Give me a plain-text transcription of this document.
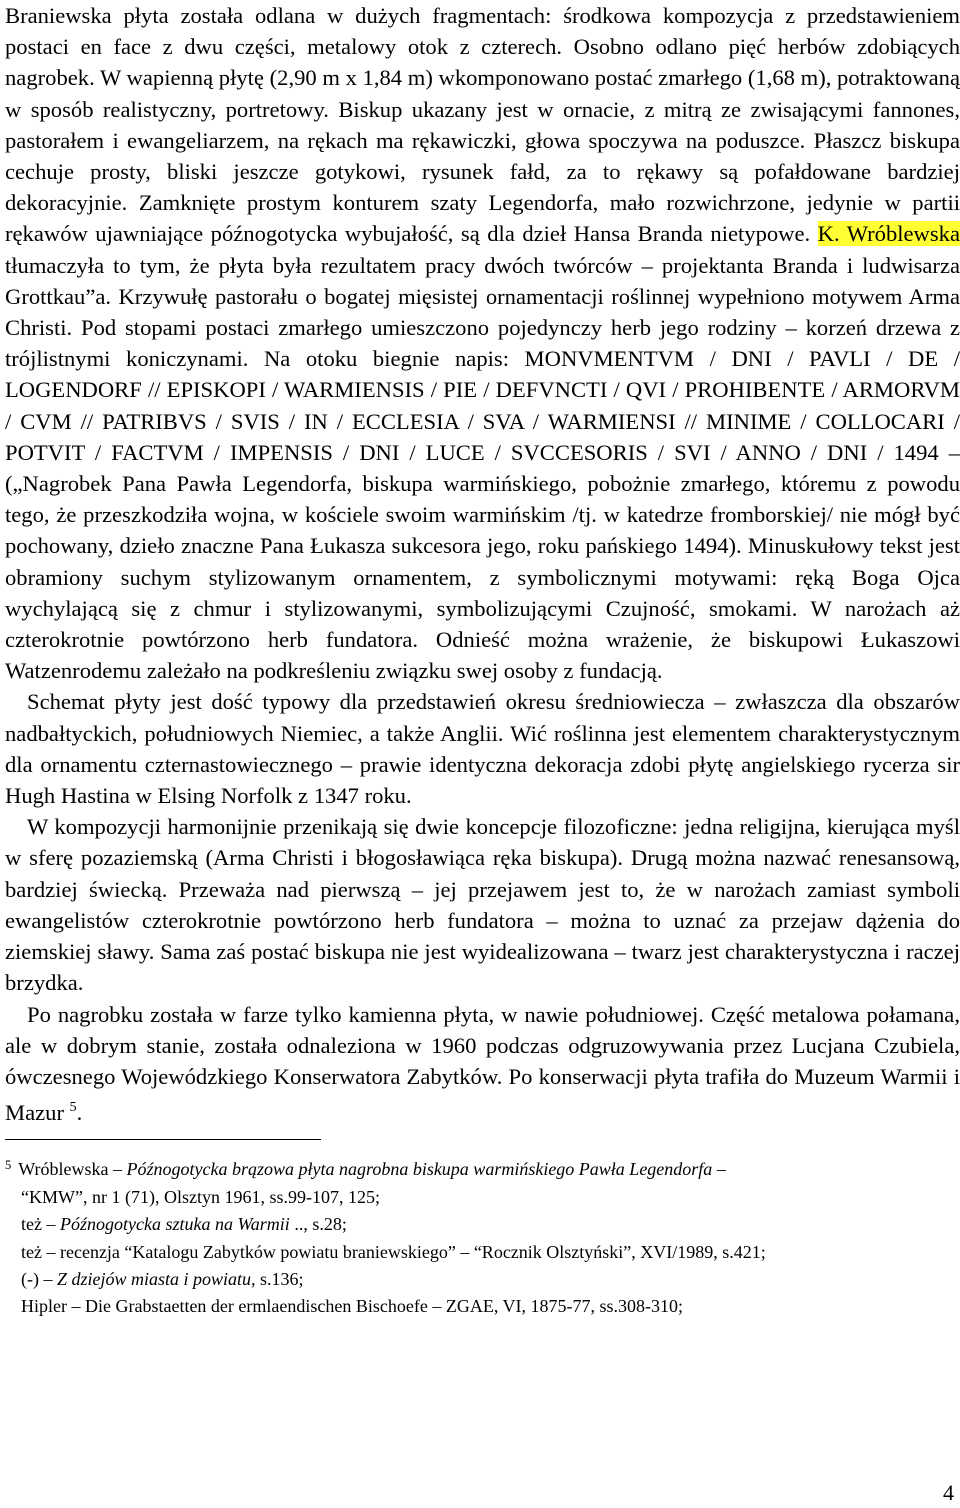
Braniewska płyta została odlana w dużych fragmentach: środkowa kompozycja z przedstawieniem postaci en face z dwu części, metalowy otok z czterech. Osobno odlano pięć herbów zdobiących nagrobek. W wapienną płytę (2,90 m x 1,84 m) wkomponowano postać zmarłego (1,68 m), potraktowaną w sposób realistyczny, portretowy. Biskup ukazany jest w ornacie, z mitrą ze zwisającymi fannones, pastorałem i ewangeliarzem, na rękach ma rękawiczki, głowa spoczywa na poduszce. Płaszcz biskupa cechuje prosty, bliski jeszcze gotykowi, rysunek fałd, za to rękawy są pofałdowane bardziej dekoracyjnie. Zamknięte prostym konturem szaty Legendorfa, mało rozwichrzone, jedynie w partii rękawów ujawniające późnogotycka wybujałość, są dla dzieł Hansa Branda nietypowe. K. Wróblewska tłumaczyła to tym, że płyta była rezultatem pracy dwóch twórców – projektanta Branda i ludwisarza Grottkau”a. Krzywułę pastorału o bogatej mięsistej ornamentacji roślinnej wypełniono motywem Arma Christi. Pod stopami postaci zmarłego umieszczono pojedynczy herb jego rodziny – korzeń drzewa z trójlistnymi koniczynami. Na otoku biegnie napis: MONVMENTVM / DNI / PAVLI / DE / LOGENDORF // EPISKOPI / WARMIENSIS / PIE / DEFVNCTI / QVI / PROHIBENTE / ARMORVM / CVM // PATRIBVS / SVIS / IN / ECCLESIA / SVA / WARMIENSI // MINIME / COLLOCARI / POTVIT / FACTVM / IMPENSIS / DNI / LUCE / SVCCESORIS / SVI / ANNO / DNI / 1494 – („Nagrobek Pana Pawła Legendorfa, biskupa warmińskiego, pobożnie zmarłego, któremu z powodu tego, że przeszkodziła wojna, w kościele swoim warmińskim /tj. w katedrze fromborskiej/ nie mógł być pochowany, dzieło znaczne Pana Łukasza sukcesora jego, roku pańskiego 1494). Minuskułowy tekst jest obramiony suchym stylizowanym ornamentem, z symbolicznymi motywami: ręką Boga Ojca wychylającą się z chmur i stylizowanymi, symbolizującymi Czujność, smokami. W narożach aż czterokrotnie powtórzono herb fundatora. Odnieść można wrażenie, że biskupowi Łukaszowi Watzenrodemu zależało na podkreśleniu związku swej osoby z fundacją.

Schemat płyty jest dość typowy dla przedstawień okresu średniowiecza – zwłaszcza dla obszarów nadbałtyckich, południowych Niemiec, a także Anglii. Wić roślinna jest elementem charakterystycznym dla ornamentu czternastowiecznego – prawie identyczna dekoracja zdobi płytę angielskiego rycerza sir Hugh Hastina w Elsing Norfolk z 1347 roku.

W kompozycji harmonijnie przenikają się dwie koncepcje filozoficzne: jedna religijna, kierująca myśl w sferę pozaziemską (Arma Christi i błogosławiąca ręka biskupa). Drugą można nazwać renesansową, bardziej świecką. Przeważa nad pierwszą – jej przejawem jest to, że w narożach zamiast symboli ewangelistów czterokrotnie powtórzono herb fundatora – można to uznać za przejaw dążenia do ziemskiej sławy. Sama zaś postać biskupa nie jest wyidealizowana – twarz jest charakterystyczna i raczej brzydka.

Po nagrobku została w farze tylko kamienna płyta, w nawie południowej. Część metalowa połamana, ale w dobrym stanie, została odnaleziona w 1960 podczas odgruzowywania przez Lucjana Czubiela, ówczesnego Wojewódzkiego Konserwatora Zabytków. Po konserwacji płyta trafiła do Muzeum Warmii i Mazur $^5$.

$^5$ Wróblewska – Późnogotycka brązowa płyta nagrobna biskupa warmińskiego Pawła Legendorfa –
“KMW”, nr 1 (71), Olsztyn 1961, ss.99-107, 125;
też – Późnogotycka sztuka na Warmii .., s.28;
też – recenzja “Katalogu Zabytków powiatu braniewskiego” – “Rocznik Olsztyński”, XVI/1989, s.421;
(-) – Z dziejów miasta i powiatu, s.136;
Hipler – Die Grabstaetten der ermlaendischen Bischoefe – ZGAE, VI, 1875-77, ss.308-310;
4
